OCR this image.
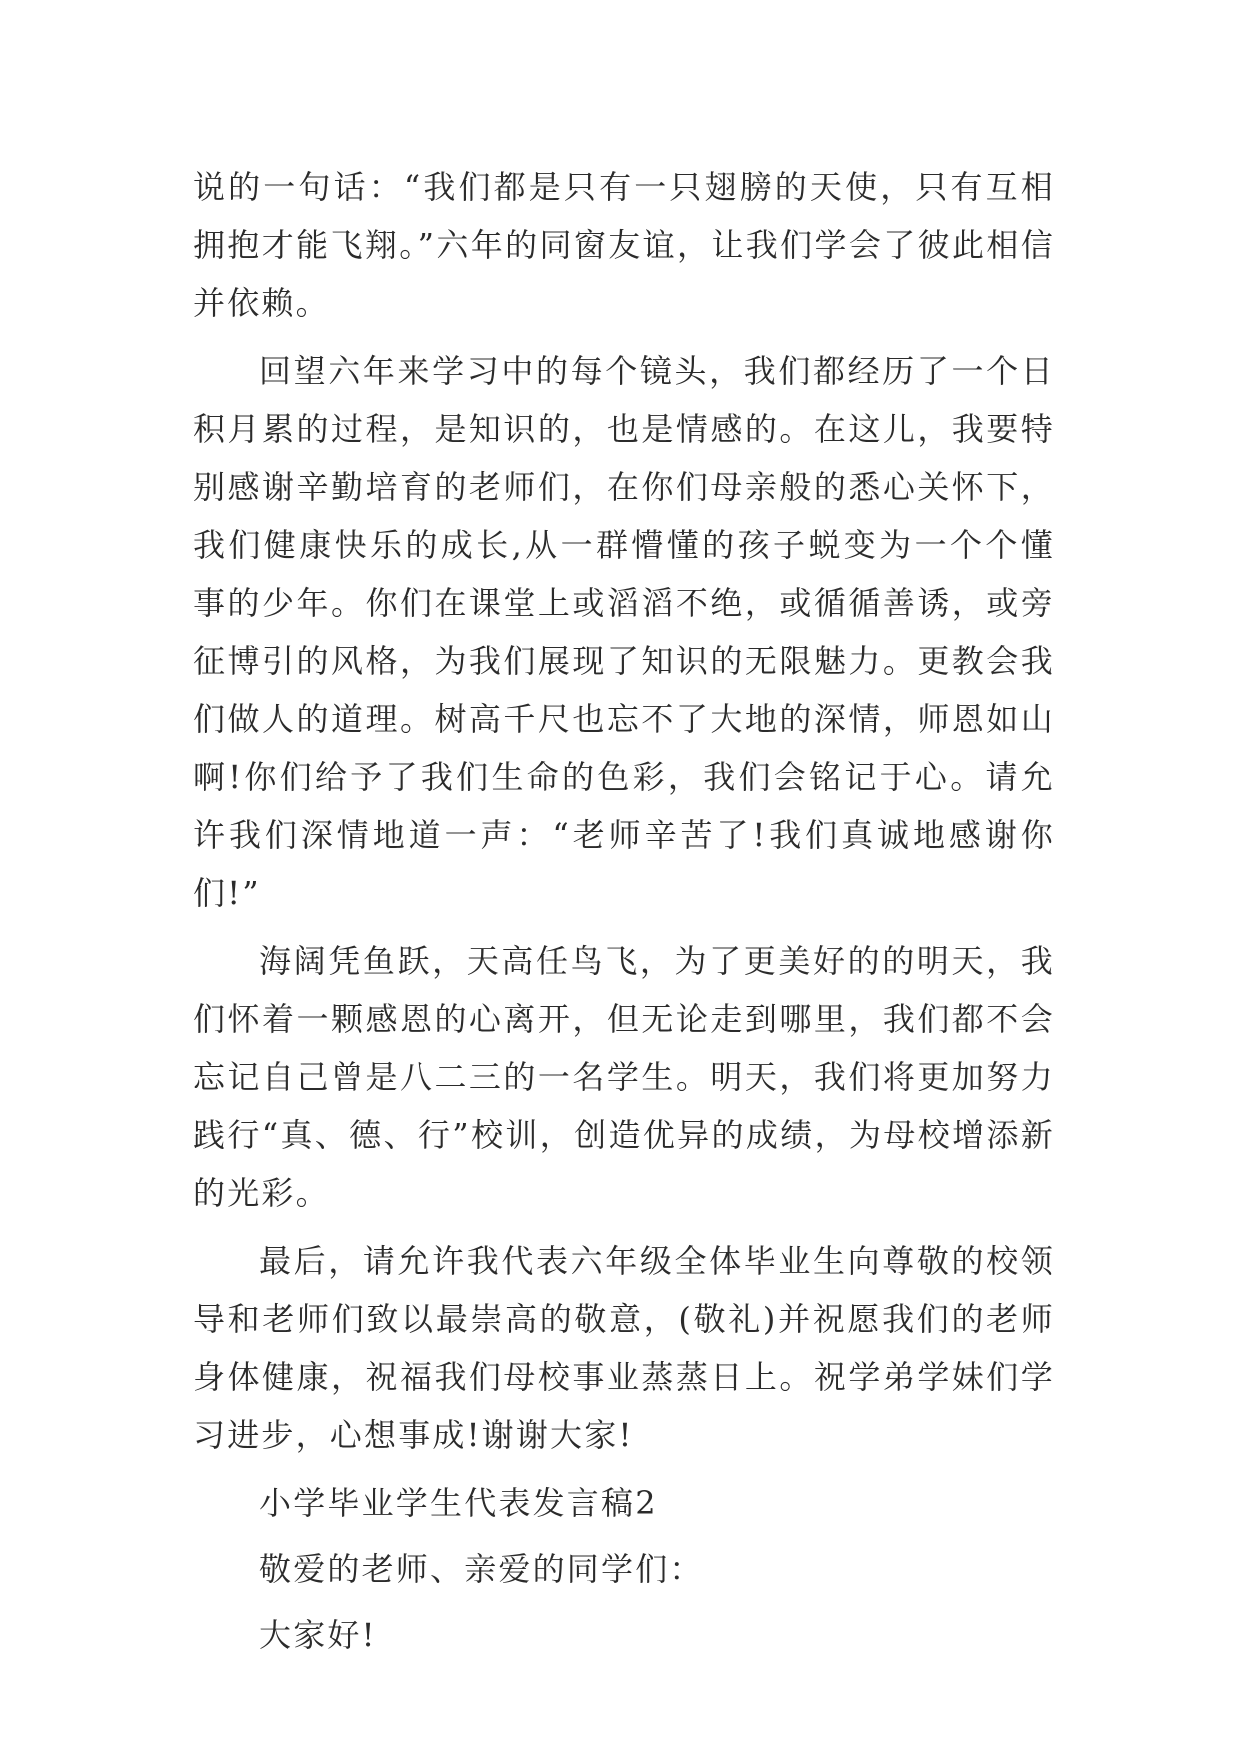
说的一句话：“我们都是只有一只翅膀的天使，只有互相拥抱才能飞翔。”六年的同窗友谊，让我们学会了彼此相信并依赖。

回望六年来学习中的每个镜头，我们都经历了一个日积月累的过程，是知识的，也是情感的。在这儿，我要特别感谢辛勤培育的老师们，在你们母亲般的悉心关怀下，我们健康快乐的成长,从一群懵懂的孩子蜕变为一个个懂事的少年。你们在课堂上或滔滔不绝，或循循善诱，或旁征博引的风格，为我们展现了知识的无限魅力。更教会我们做人的道理。树高千尺也忘不了大地的深情，师恩如山啊!你们给予了我们生命的色彩，我们会铭记于心。请允许我们深情地道一声：“老师辛苦了!我们真诚地感谢你们!”

海阔凭鱼跃，天高任鸟飞，为了更美好的的明天，我们怀着一颗感恩的心离开，但无论走到哪里，我们都不会忘记自己曾是八二三的一名学生。明天，我们将更加努力践行“真、德、行”校训，创造优异的成绩，为母校增添新的光彩。

最后，请允许我代表六年级全体毕业生向尊敬的校领导和老师们致以最崇高的敬意，(敬礼)并祝愿我们的老师身体健康，祝福我们母校事业蒸蒸日上。祝学弟学妹们学习进步，心想事成!谢谢大家!

小学毕业学生代表发言稿2

敬爱的老师、亲爱的同学们：

大家好!
